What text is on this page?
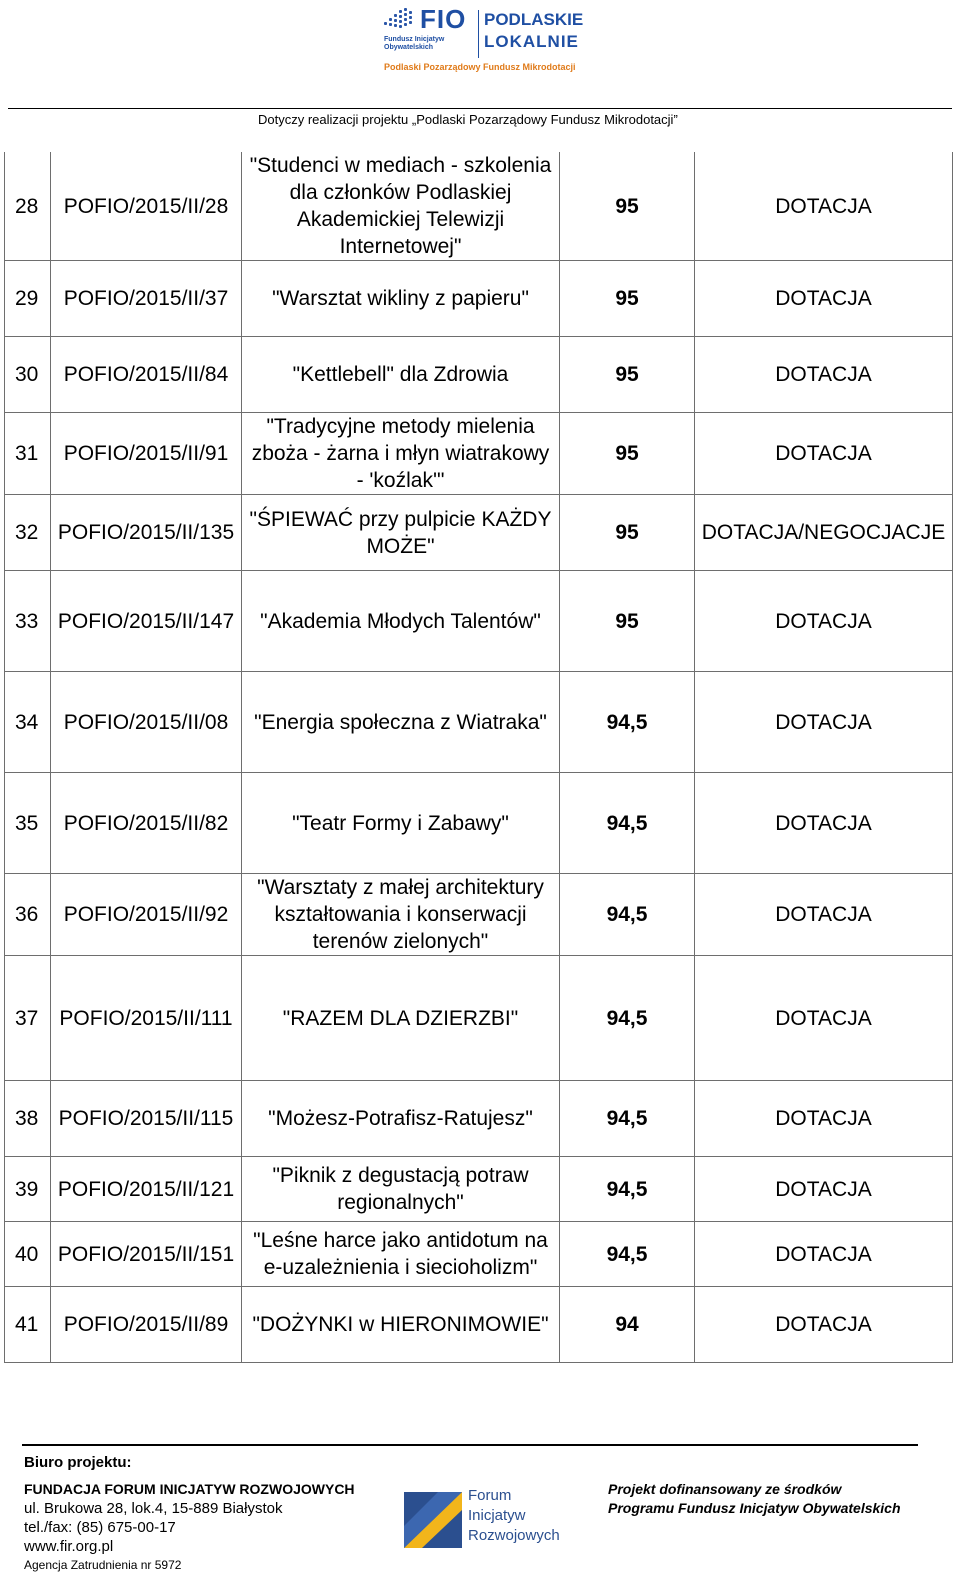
FIO
Fundusz Inicjatyw Obywatelskich
PODLASKIE
LOKALNIE
Podlaski Pozarządowy Fundusz Mikrodotacji
Dotyczy realizacji projektu „Podlaski Pozarządowy Fundusz Mikrodotacji”
28	POFIO/2015/II/28	"Studenci w mediach - szkolenia dla członków Podlaskiej Akademickiej Telewizji Internetowej"	95	DOTACJA
29	POFIO/2015/II/37	"Warsztat wikliny z papieru"	95	DOTACJA
30	POFIO/2015/II/84	"Kettlebell" dla Zdrowia	95	DOTACJA
31	POFIO/2015/II/91	"Tradycyjne metody mielenia zboża - żarna i młyn wiatrakowy - 'koźlak'"	95	DOTACJA
32	POFIO/2015/II/135	"ŚPIEWAĆ przy pulpicie KAŻDY MOŻE"	95	DOTACJA/NEGOCJACJE
33	POFIO/2015/II/147	"Akademia Młodych Talentów"	95	DOTACJA
34	POFIO/2015/II/08	"Energia społeczna z Wiatraka"	94,5	DOTACJA
35	POFIO/2015/II/82	"Teatr Formy i Zabawy"	94,5	DOTACJA
36	POFIO/2015/II/92	"Warsztaty z małej architektury kształtowania i konserwacji terenów zielonych"	94,5	DOTACJA
37	POFIO/2015/II/111	"RAZEM DLA DZIERZBI"	94,5	DOTACJA
38	POFIO/2015/II/115	"Możesz-Potrafisz-Ratujesz"	94,5	DOTACJA
39	POFIO/2015/II/121	"Piknik z degustacją potraw regionalnych"	94,5	DOTACJA
40	POFIO/2015/II/151	"Leśne harce jako antidotum na e-uzależnienia i siecioholizm"	94,5	DOTACJA
41	POFIO/2015/II/89	"DOŻYNKI w HIERONIMOWIE"	94	DOTACJA
Biuro projektu:
FUNDACJA FORUM INICJATYW ROZWOJOWYCH
ul. Brukowa 28, lok.4, 15-889 Białystok
tel./fax: (85) 675-00-17
www.fir.org.pl
Agencja Zatrudnienia nr 5972
Forum
Inicjatyw
Rozwojowych
Projekt dofinansowany ze środków
Programu Fundusz Inicjatyw Obywatelskich
